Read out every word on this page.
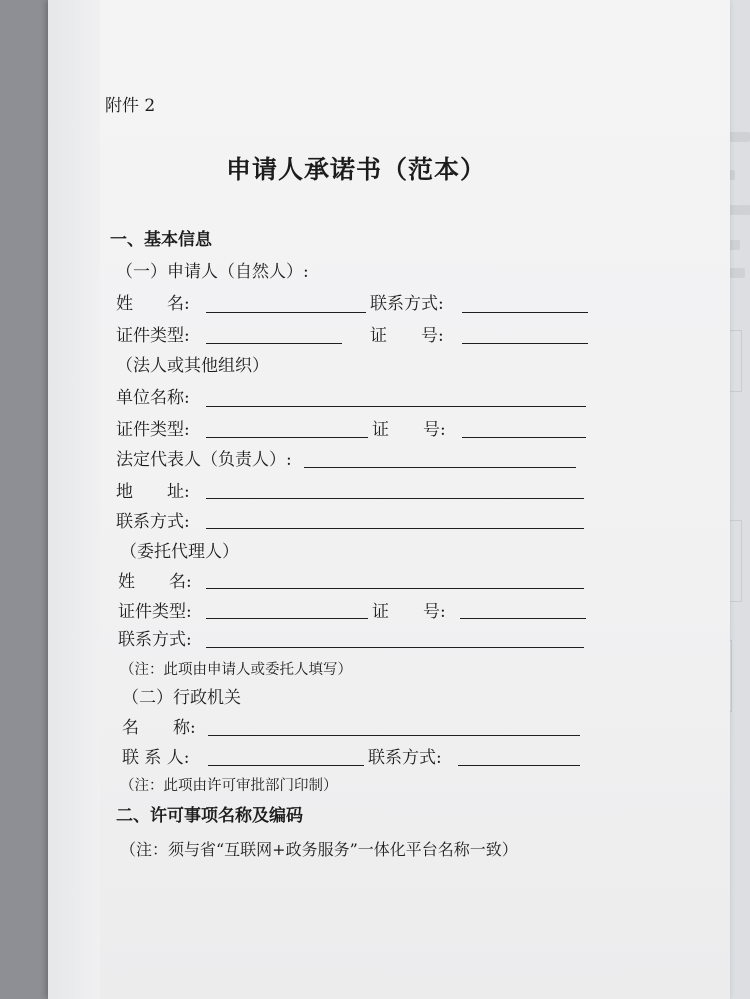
附件 2
申请人承诺书（范本）
一、基本信息
（一）申请人（自然人）:
姓　　名:	联系方式:
证件类型:	证　　号:
（法人或其他组织）
单位名称:
证件类型:	证　　号:
法定代表人（负责人）:
地　　址:
联系方式:
（委托代理人）
姓　　名:
证件类型:	证　　号:
联系方式:
（注：此项由申请人或委托人填写）
（二）行政机关
名　　称:
联 系 人:	联系方式:
（注：此项由许可审批部门印制）
二、许可事项名称及编码
（注：须与省“互联网+政务服务”一体化平台名称一致）
